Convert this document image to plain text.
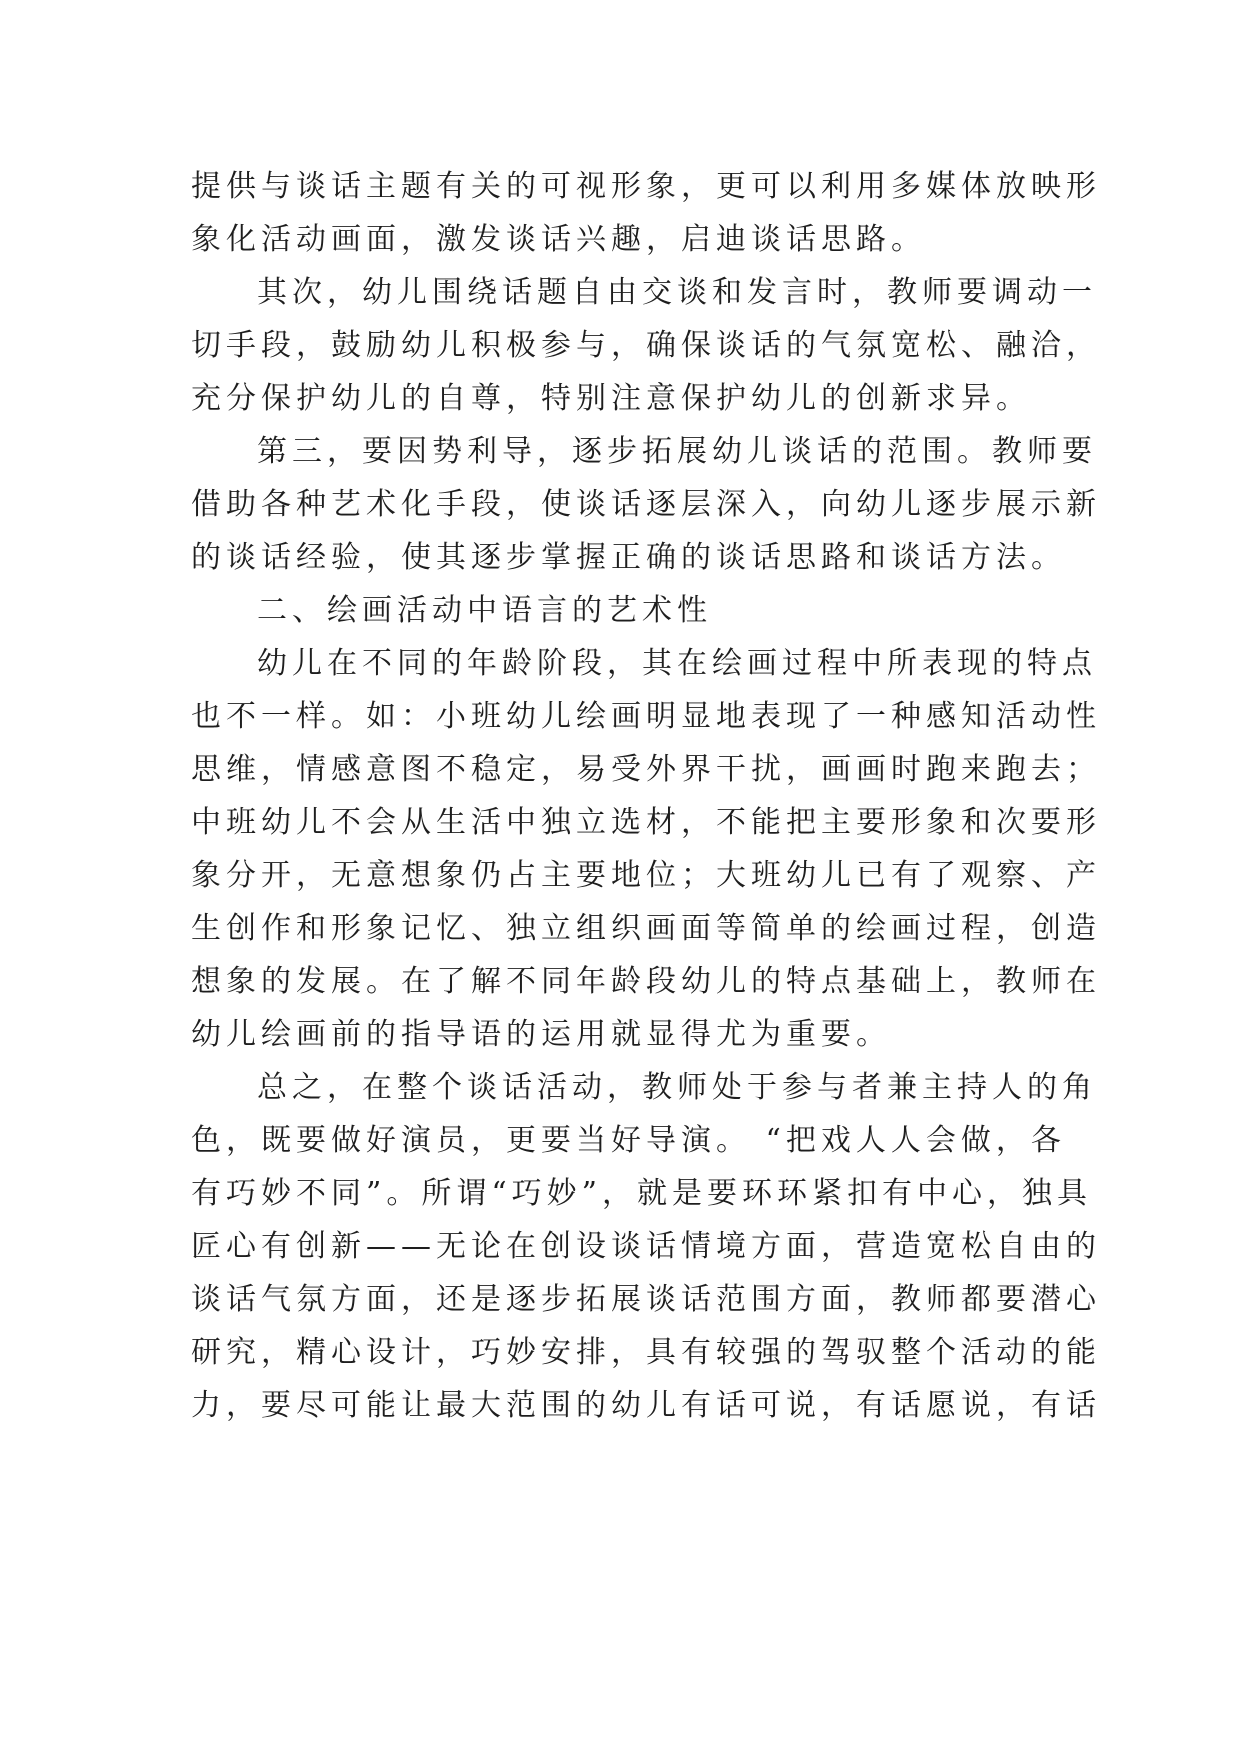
提供与谈话主题有关的可视形象，更可以利用多媒体放映形
象化活动画面，激发谈话兴趣，启迪谈话思路。
其次，幼儿围绕话题自由交谈和发言时，教师要调动一
切手段，鼓励幼儿积极参与，确保谈话的气氛宽松、融洽，
充分保护幼儿的自尊，特别注意保护幼儿的创新求异。
第三，要因势利导，逐步拓展幼儿谈话的范围。教师要
借助各种艺术化手段，使谈话逐层深入，向幼儿逐步展示新
的谈话经验，使其逐步掌握正确的谈话思路和谈话方法。
二、绘画活动中语言的艺术性
幼儿在不同的年龄阶段，其在绘画过程中所表现的特点
也不一样。如：小班幼儿绘画明显地表现了一种感知活动性
思维，情感意图不稳定，易受外界干扰，画画时跑来跑去；
中班幼儿不会从生活中独立选材，不能把主要形象和次要形
象分开，无意想象仍占主要地位；大班幼儿已有了观察、产
生创作和形象记忆、独立组织画面等简单的绘画过程，创造
想象的发展。在了解不同年龄段幼儿的特点基础上，教师在
幼儿绘画前的指导语的运用就显得尤为重要。
总之，在整个谈话活动，教师处于参与者兼主持人的角
色，既要做好演员，更要当好导演。 “把戏人人会做，各
有巧妙不同”。所谓“巧妙”，就是要环环紧扣有中心，独具
匠心有创新——无论在创设谈话情境方面，营造宽松自由的
谈话气氛方面，还是逐步拓展谈话范围方面，教师都要潜心
研究，精心设计，巧妙安排，具有较强的驾驭整个活动的能
力，要尽可能让最大范围的幼儿有话可说，有话愿说，有话
